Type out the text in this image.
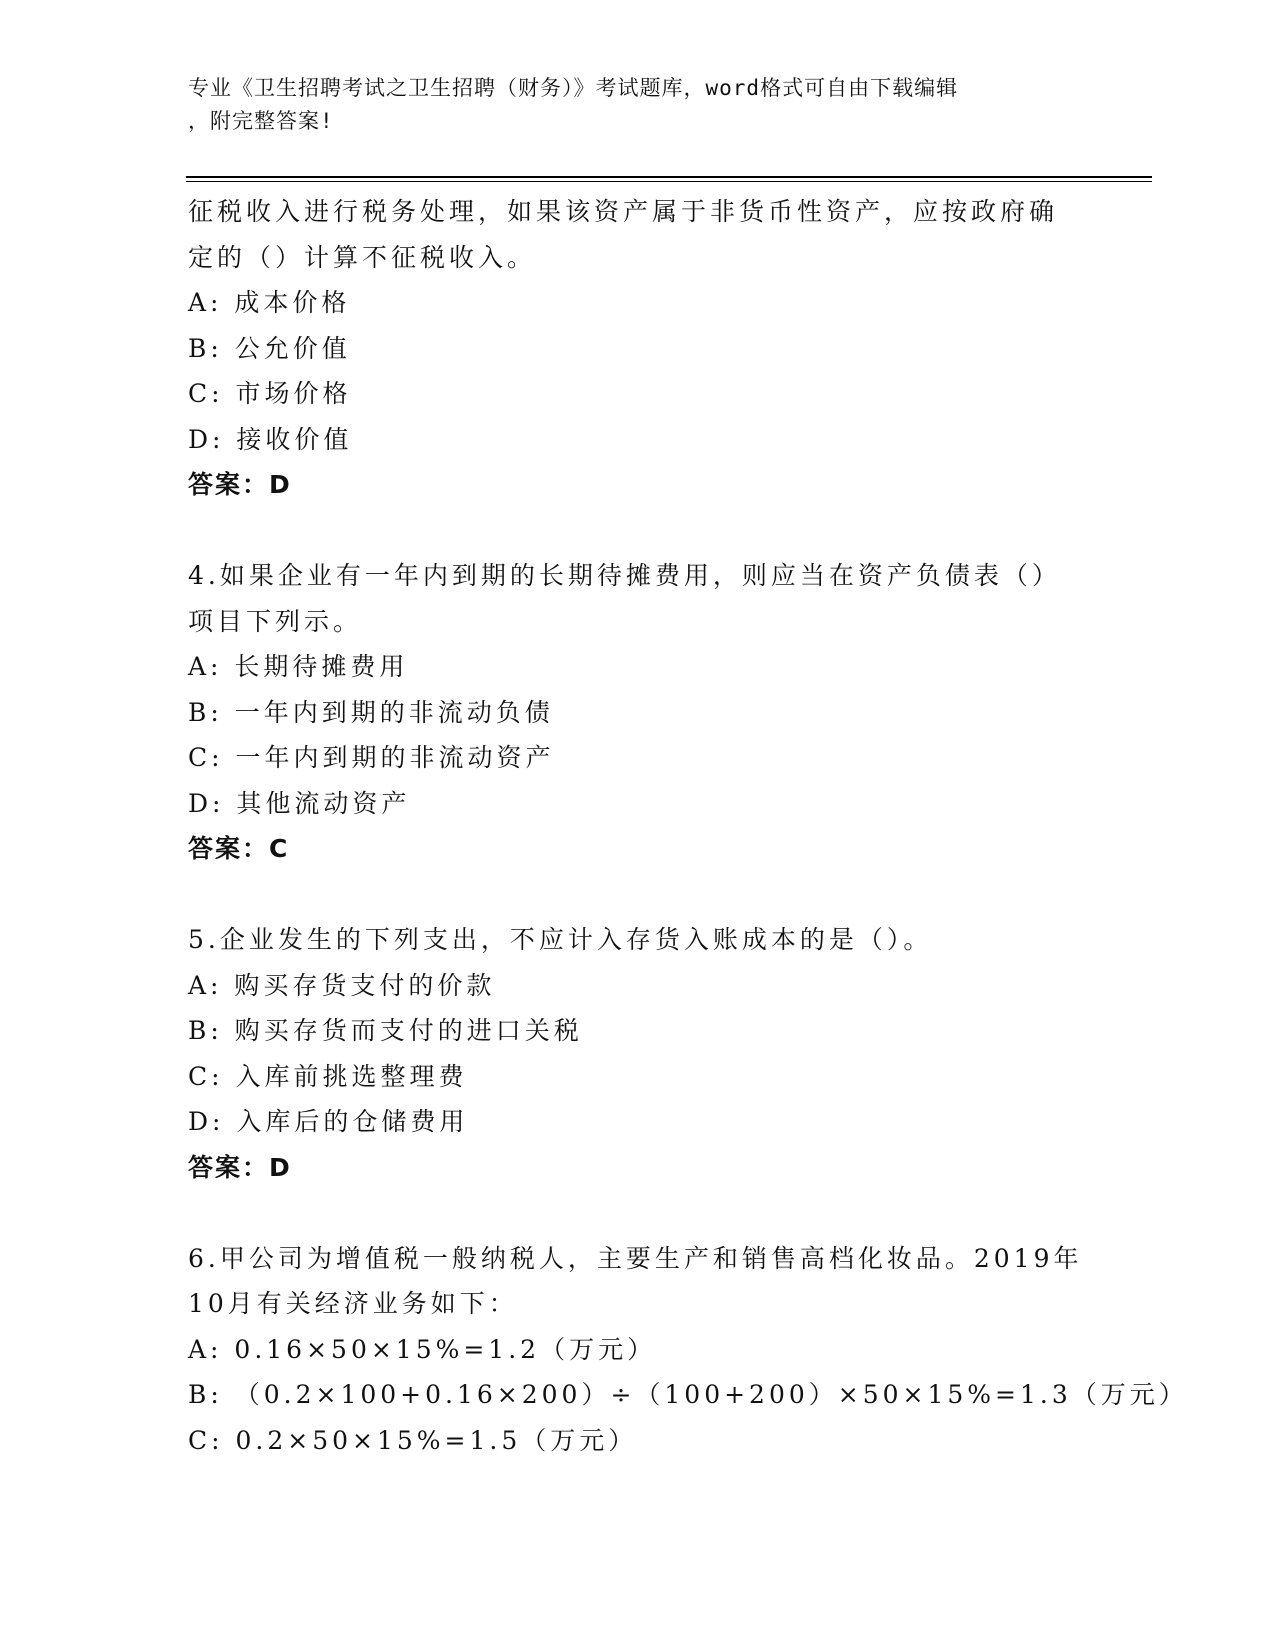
专业《卫生招聘考试之卫生招聘（财务）》考试题库，word格式可自由下载编辑
，附完整答案!
征税收入进行税务处理，如果该资产属于非货币性资产，应按政府确
定的（）计算不征税收入。
A: 成本价格
B: 公允价值
C: 市场价格
D: 接收价值
答案：D
4.如果企业有一年内到期的长期待摊费用，则应当在资产负债表（）
项目下列示。
A: 长期待摊费用
B: 一年内到期的非流动负债
C: 一年内到期的非流动资产
D: 其他流动资产
答案：C
5.企业发生的下列支出，不应计入存货入账成本的是（）。
A: 购买存货支付的价款
B: 购买存货而支付的进口关税
C: 入库前挑选整理费
D: 入库后的仓储费用
答案：D
6.甲公司为增值税一般纳税人，主要生产和销售高档化妆品。2019年
10月有关经济业务如下：
A: 0.16×50×15%=1.2（万元）
B: （0.2×100+0.16×200）÷（100+200）×50×15%=1.3（万元）
C: 0.2×50×15%=1.5（万元）
